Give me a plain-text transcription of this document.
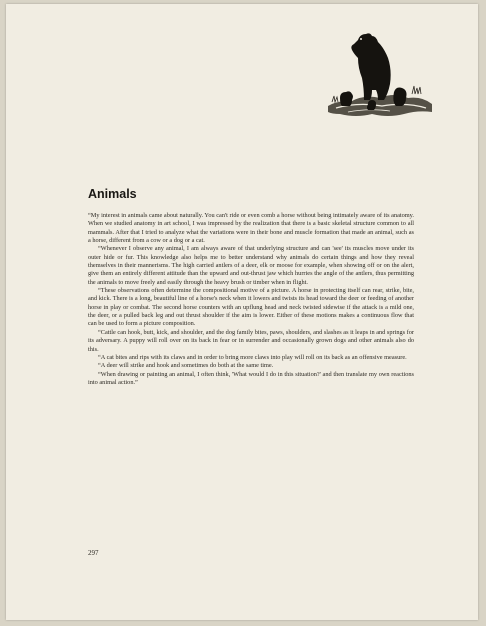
Animals

“My interest in animals came about naturally. You can't ride or even comb a horse without being intimately aware of its anatomy. When we studied anatomy in art school, I was impressed by the realization that there is a basic skeletal structure common to all mammals. After that I tried to analyze what the variations were in their bone and muscle formation that made an animal, such as a horse, different from a cow or a dog or a cat.

“Whenever I observe any animal, I am always aware of that underlying structure and can 'see' its muscles move under its outer hide or fur. This knowledge also helps me to better understand why animals do certain things and how they reveal themselves in their mannerisms. The high carried antlers of a deer, elk or moose for example, when showing off or on the alert, give them an entirely different attitude than the upward and out-thrust jaw which hurries the angle of the antlers, thus permitting the animals to move freely and easily through the heavy brush or timber when in flight.

“These observations often determine the compositional motive of a picture. A horse in protecting itself can rear, strike, bite, and kick. There is a long, beautiful line of a horse's neck when it lowers and twists its head toward the deer or feeding of another horse in play or combat. The second horse counters with an upflung head and neck twisted sidewise if the attack is a mild one, the deer, or a pulled back leg and out thrust shoulder if the aim is lower. Either of these motions makes a continuous flow that can be used to form a picture composition.

“Cattle can hook, butt, kick, and shoulder, and the dog family bites, paws, shoulders, and slashes as it leaps in and springs for its adversary. A puppy will roll over on its back in fear or in surrender and occasionally grown dogs and other animals also do this.

“A cat bites and rips with its claws and in order to bring more claws into play will roll on its back as an offensive measure.

“A deer will strike and hook and sometimes do both at the same time.

“When drawing or painting an animal, I often think, 'What would I do in this situation?' and then translate my own reactions into animal action.”

297
